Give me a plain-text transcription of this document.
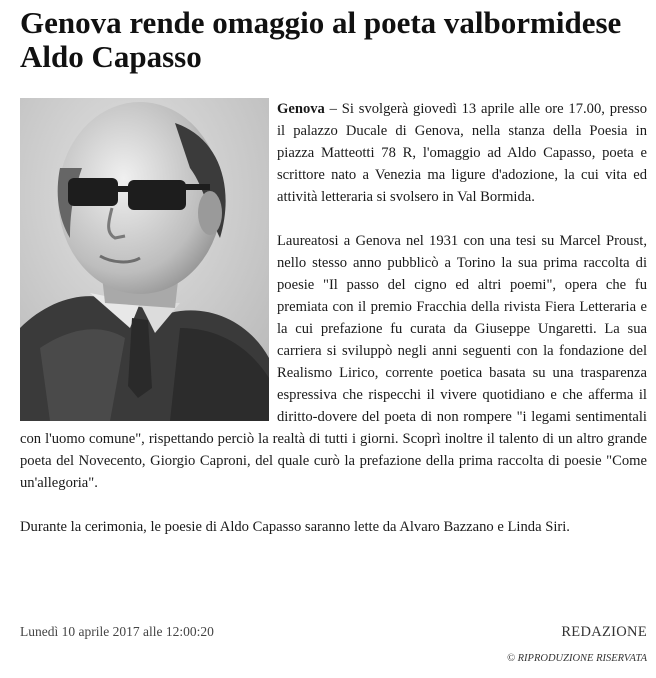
Genova rende omaggio al poeta valbormidese Aldo Capasso

Genova – Si svolgerà giovedì 13 aprile alle ore 17.00, presso il palazzo Ducale di Genova, nella stanza della Poesia in piazza Matteotti 78 R, l'omaggio ad Aldo Capasso, poeta e scrittore nato a Venezia ma ligure d'adozione, la cui vita ed attività letteraria si svolsero in Val Bormida.

Laureatosi a Genova nel 1931 con una tesi su Marcel Proust, nello stesso anno pubblicò a Torino la sua prima raccolta di poesie "Il passo del cigno ed altri poemi", opera che fu premiata con il premio Fracchia della rivista Fiera Letteraria e la cui prefazione fu curata da Giuseppe Ungaretti. La sua carriera si sviluppò negli anni seguenti con la fondazione del Realismo Lirico, corrente poetica basata su una trasparenza espressiva che rispecchi il vivere quotidiano e che afferma il diritto-dovere del poeta di non rompere "i legami sentimentali con l'uomo comune", rispettando perciò la realtà di tutti i giorni. Scoprì inoltre il talento di un altro grande poeta del Novecento, Giorgio Caproni, del quale curò la prefazione della prima raccolta di poesie "Come un'allegoria".

Durante la cerimonia, le poesie di Aldo Capasso saranno lette da Alvaro Bazzano e Linda Siri.

Lunedì 10 aprile 2017 alle 12:00:20	REDAZIONE
© RIPRODUZIONE RISERVATA
